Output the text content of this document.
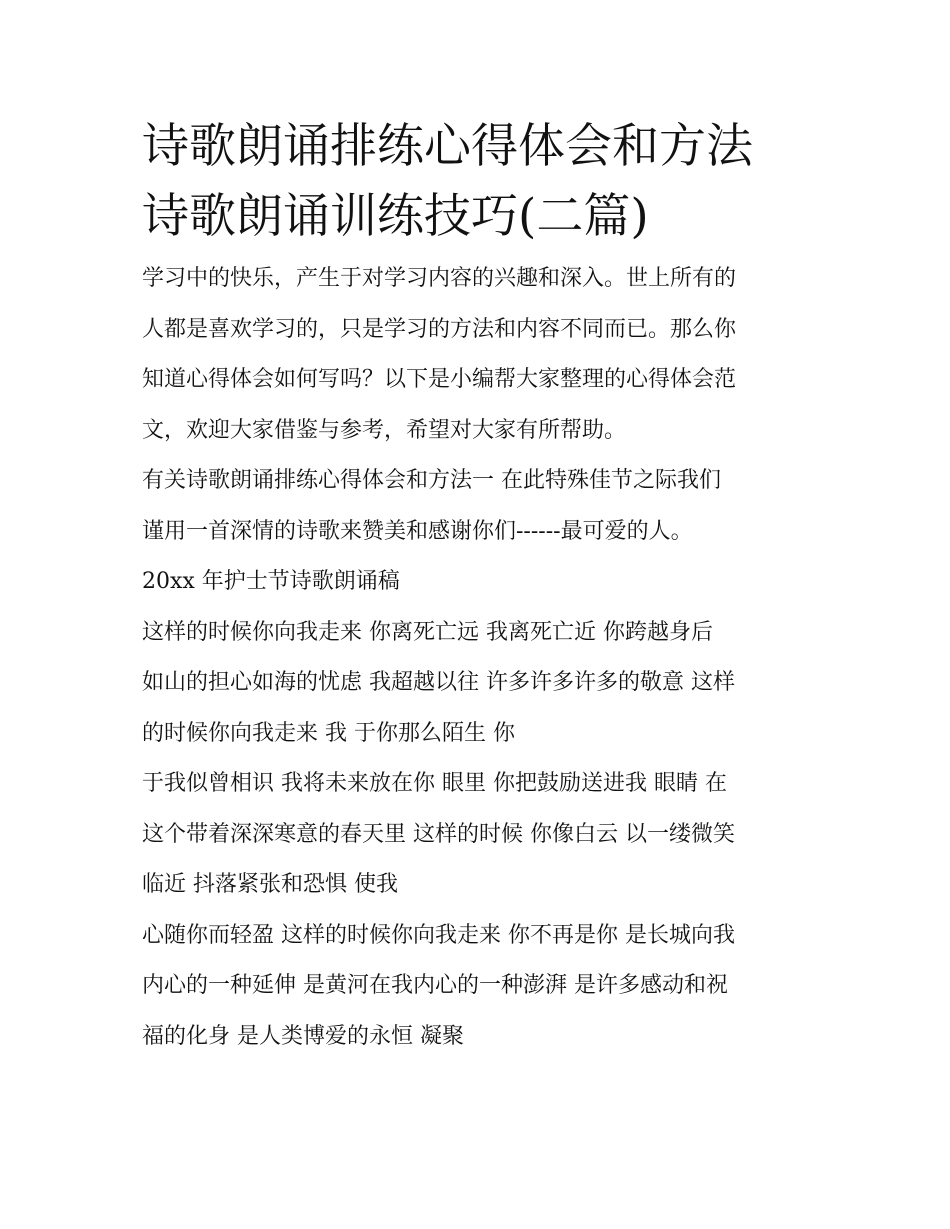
诗歌朗诵排练心得体会和方法
诗歌朗诵训练技巧(二篇)

学习中的快乐，产生于对学习内容的兴趣和深入。世上所有的
人都是喜欢学习的，只是学习的方法和内容不同而已。那么你
知道心得体会如何写吗？以下是小编帮大家整理的心得体会范
文，欢迎大家借鉴与参考，希望对大家有所帮助。

有关诗歌朗诵排练心得体会和方法一 在此特殊佳节之际我们
谨用一首深情的诗歌来赞美和感谢你们------最可爱的人。

20xx 年护士节诗歌朗诵稿

这样的时候你向我走来 你离死亡远 我离死亡近 你跨越身后
如山的担心如海的忧虑 我超越以往 许多许多许多的敬意 这样
的时候你向我走来 我 于你那么陌生 你

于我似曾相识 我将未来放在你 眼里 你把鼓励送进我 眼睛 在
这个带着深深寒意的春天里 这样的时候 你像白云 以一缕微笑
临近 抖落紧张和恐惧 使我

心随你而轻盈 这样的时候你向我走来 你不再是你 是长城向我
内心的一种延伸 是黄河在我内心的一种澎湃 是许多感动和祝
福的化身 是人类博爱的永恒 凝聚
